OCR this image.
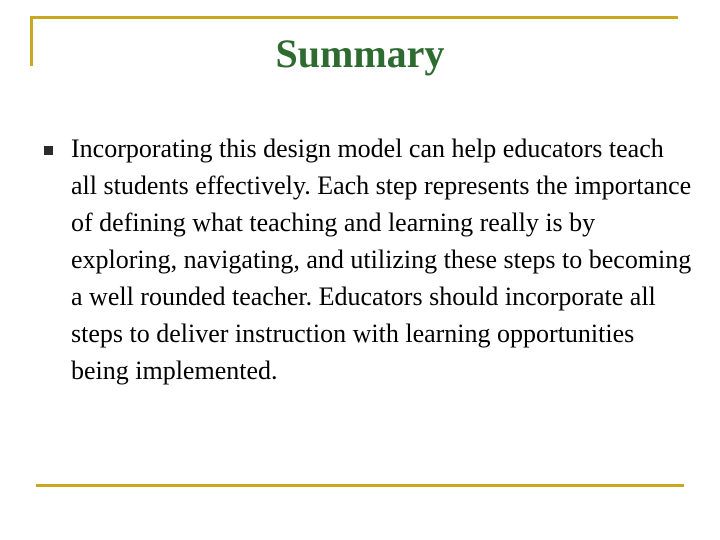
Summary
Incorporating this design model can help educators teach all students effectively. Each step represents the importance of defining what teaching and learning really is by exploring, navigating, and utilizing these steps to becoming a well rounded teacher. Educators should incorporate all steps to deliver instruction with learning opportunities being implemented.
